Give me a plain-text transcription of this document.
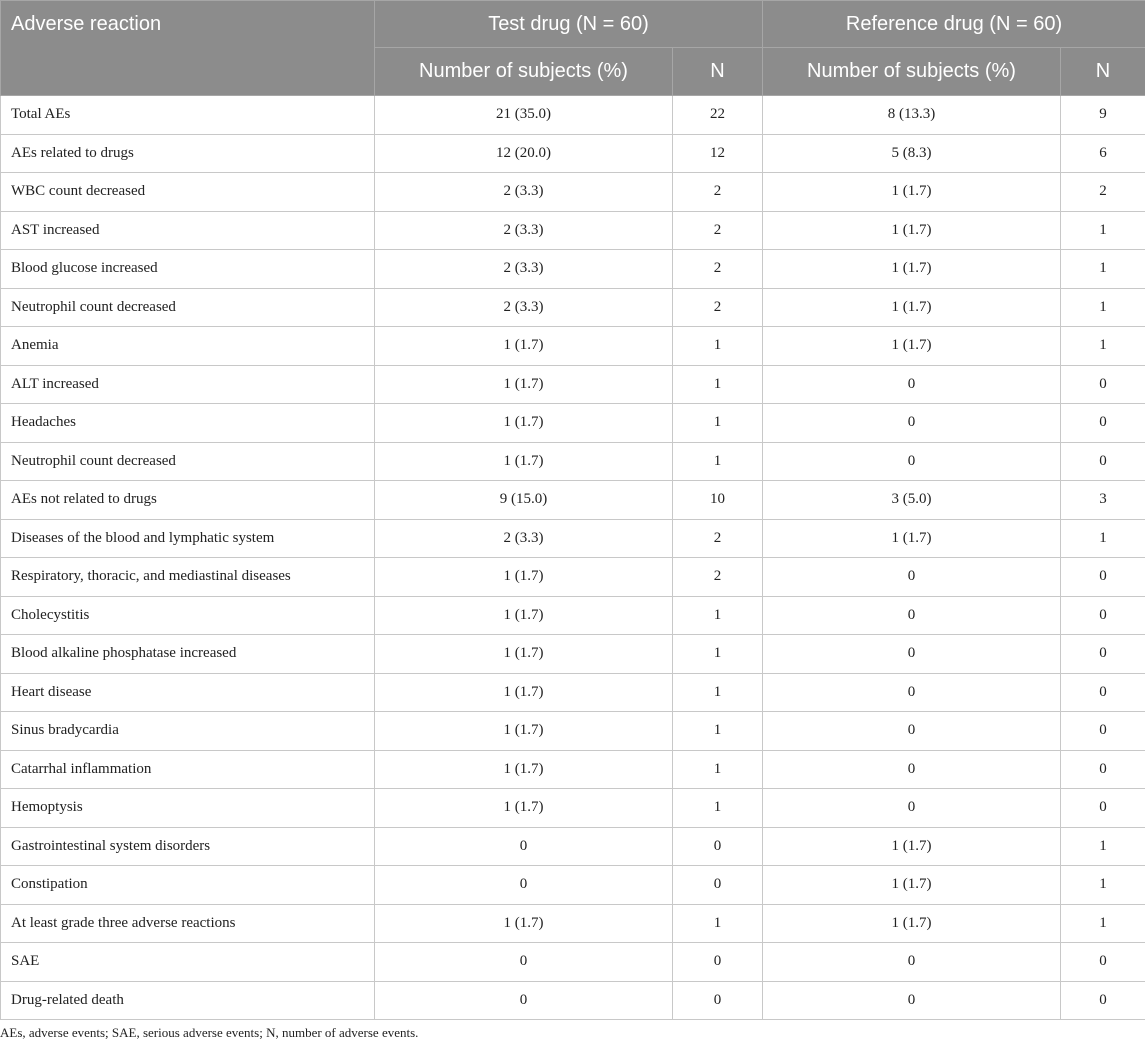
Adverse reaction	Test drug (N = 60)		Reference drug (N = 60)	
	Number of subjects (%)	N	Number of subjects (%)	N
Total AEs	21 (35.0)	22	8 (13.3)	9
AEs related to drugs	12 (20.0)	12	5 (8.3)	6
WBC count decreased	2 (3.3)	2	1 (1.7)	2
AST increased	2 (3.3)	2	1 (1.7)	1
Blood glucose increased	2 (3.3)	2	1 (1.7)	1
Neutrophil count decreased	2 (3.3)	2	1 (1.7)	1
Anemia	1 (1.7)	1	1 (1.7)	1
ALT increased	1 (1.7)	1	0	0
Headaches	1 (1.7)	1	0	0
Neutrophil count decreased	1 (1.7)	1	0	0
AEs not related to drugs	9 (15.0)	10	3 (5.0)	3
Diseases of the blood and lymphatic system	2 (3.3)	2	1 (1.7)	1
Respiratory, thoracic, and mediastinal diseases	1 (1.7)	2	0	0
Cholecystitis	1 (1.7)	1	0	0
Blood alkaline phosphatase increased	1 (1.7)	1	0	0
Heart disease	1 (1.7)	1	0	0
Sinus bradycardia	1 (1.7)	1	0	0
Catarrhal inflammation	1 (1.7)	1	0	0
Hemoptysis	1 (1.7)	1	0	0
Gastrointestinal system disorders	0	0	1 (1.7)	1
Constipation	0	0	1 (1.7)	1
At least grade three adverse reactions	1 (1.7)	1	1 (1.7)	1
SAE	0	0	0	0
Drug-related death	0	0	0	0
AEs, adverse events; SAE, serious adverse events; N, number of adverse events.
